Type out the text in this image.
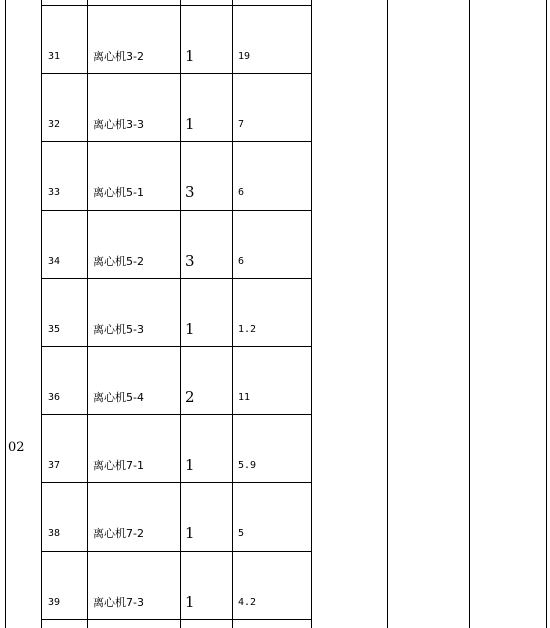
02
31	离心机3-2	1	19
32	离心机3-3	1	7
33	离心机5-1	3	6
34	离心机5-2	3	6
35	离心机5-3	1	1.2
36	离心机5-4	2	11
37	离心机7-1	1	5.9
38	离心机7-2	1	5
39	离心机7-3	1	4.2
